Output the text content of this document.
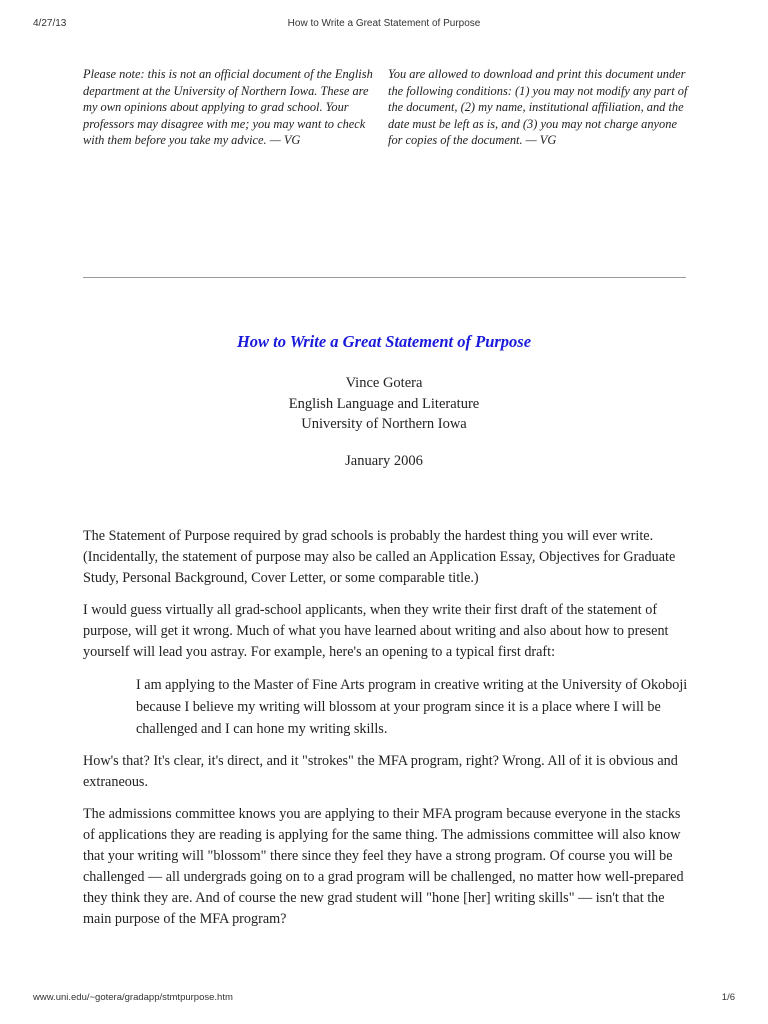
4/27/13	How to Write a Great Statement of Purpose
Please note: this is not an official document of the English department at the University of Northern Iowa. These are my own opinions about applying to grad school. Your professors may disagree with me; you may want to check with them before you take my advice. — VG
You are allowed to download and print this document under the following conditions: (1) you may not modify any part of the document, (2) my name, institutional affiliation, and the date must be left as is, and (3) you may not charge anyone for copies of the document. — VG
How to Write a Great Statement of Purpose
Vince Gotera
English Language and Literature
University of Northern Iowa
January 2006

The Statement of Purpose required by grad schools is probably the hardest thing you will ever write. (Incidentally, the statement of purpose may also be called an Application Essay, Objectives for Graduate Study, Personal Background, Cover Letter, or some comparable title.)

I would guess virtually all grad-school applicants, when they write their first draft of the statement of purpose, will get it wrong. Much of what you have learned about writing and also about how to present yourself will lead you astray. For example, here's an opening to a typical first draft:

I am applying to the Master of Fine Arts program in creative writing at the University of Okoboji because I believe my writing will blossom at your program since it is a place where I will be challenged and I can hone my writing skills.

How's that? It's clear, it's direct, and it "strokes" the MFA program, right? Wrong. All of it is obvious and extraneous.

The admissions committee knows you are applying to their MFA program because everyone in the stacks of applications they are reading is applying for the same thing. The admissions committee will also know that your writing will "blossom" there since they feel they have a strong program. Of course you will be challenged — all undergrads going on to a grad program will be challenged, no matter how well-prepared they think they are. And of course the new grad student will "hone [her] writing skills" — isn't that the main purpose of the MFA program?

www.uni.edu/~gotera/gradapp/stmtpurpose.htm	1/6
